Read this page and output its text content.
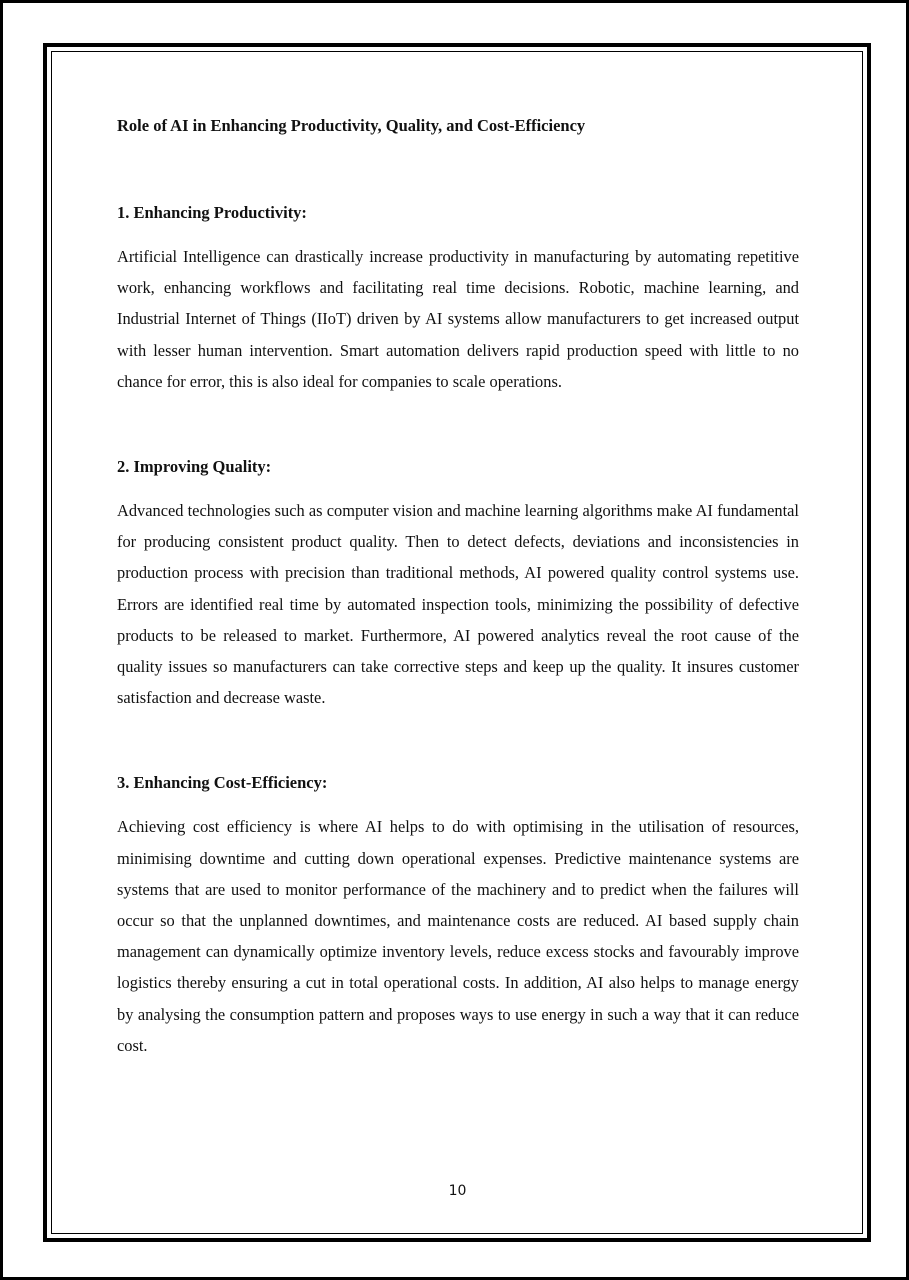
Role of AI in Enhancing Productivity, Quality, and Cost-Efficiency

1. Enhancing Productivity:

Artificial Intelligence can drastically increase productivity in manufacturing by automating repetitive work, enhancing workflows and facilitating real time decisions. Robotic, machine learning, and Industrial Internet of Things (IIoT) driven by AI systems allow manufacturers to get increased output with lesser human intervention. Smart automation delivers rapid production speed with little to no chance for error, this is also ideal for companies to scale operations.

2. Improving Quality:

Advanced technologies such as computer vision and machine learning algorithms make AI fundamental for producing consistent product quality. Then to detect defects, deviations and inconsistencies in production process with precision than traditional methods, AI powered quality control systems use. Errors are identified real time by automated inspection tools, minimizing the possibility of defective products to be released to market. Furthermore, AI powered analytics reveal the root cause of the quality issues so manufacturers can take corrective steps and keep up the quality. It insures customer satisfaction and decrease waste.

3. Enhancing Cost-Efficiency:

Achieving cost efficiency is where AI helps to do with optimising in the utilisation of resources, minimising downtime and cutting down operational expenses. Predictive maintenance systems are systems that are used to monitor performance of the machinery and to predict when the failures will occur so that the unplanned downtimes, and maintenance costs are reduced. AI based supply chain management can dynamically optimize inventory levels, reduce excess stocks and favourably improve logistics thereby ensuring a cut in total operational costs. In addition, AI also helps to manage energy by analysing the consumption pattern and proposes ways to use energy in such a way that it can reduce cost.

10
